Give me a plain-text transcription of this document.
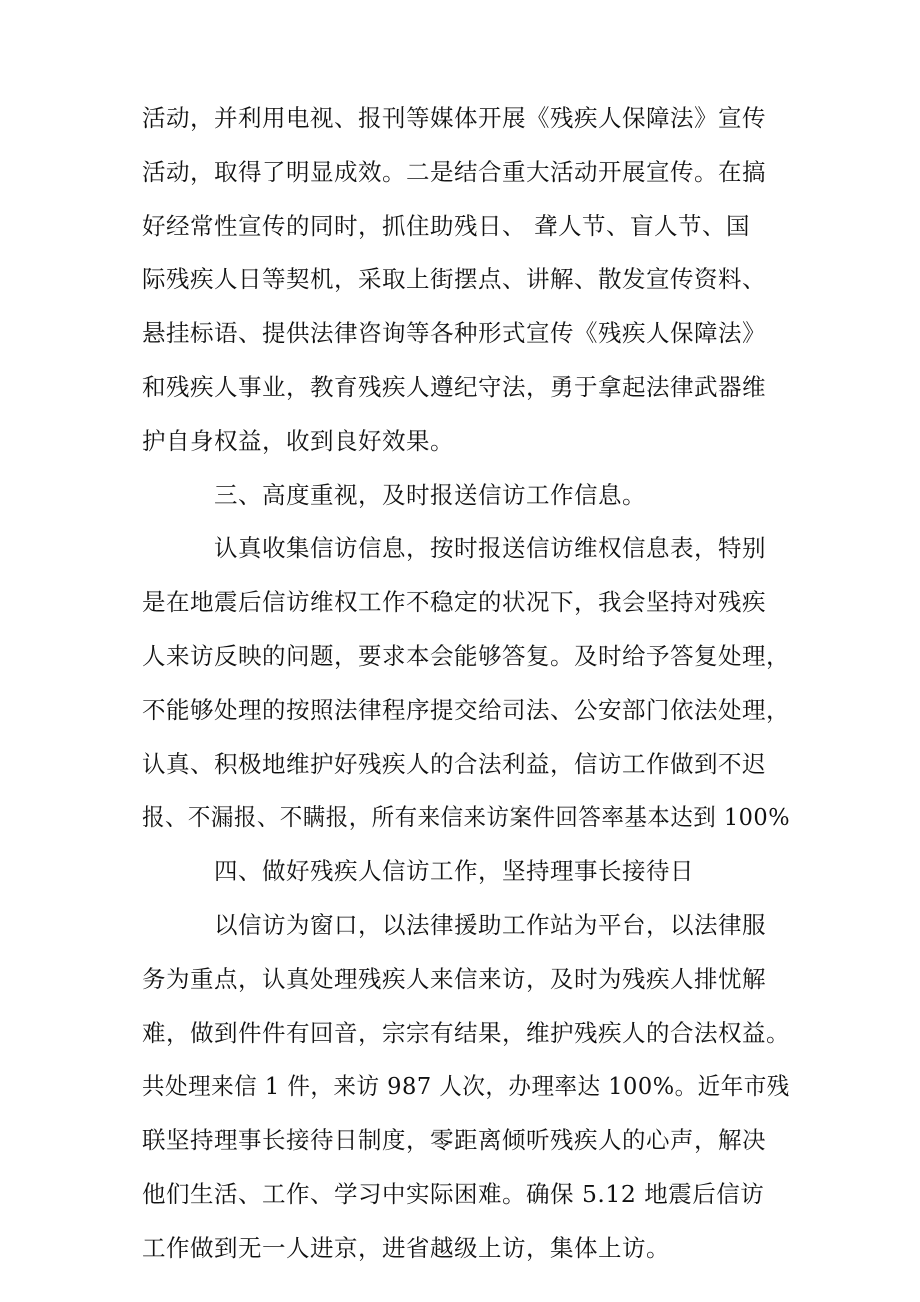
活动，并利用电视、报刊等媒体开展《残疾人保障法》宣传
活动，取得了明显成效。二是结合重大活动开展宣传。在搞
好经常性宣传的同时，抓住助残日、 聋人节、盲人节、国
际残疾人日等契机，采取上街摆点、讲解、散发宣传资料、
悬挂标语、提供法律咨询等各种形式宣传《残疾人保障法》
和残疾人事业，教育残疾人遵纪守法，勇于拿起法律武器维
护自身权益，收到良好效果。
三、高度重视，及时报送信访工作信息。
认真收集信访信息，按时报送信访维权信息表，特别
是在地震后信访维权工作不稳定的状况下，我会坚持对残疾
人来访反映的问题，要求本会能够答复。及时给予答复处理，
不能够处理的按照法律程序提交给司法、公安部门依法处理，
认真、积极地维护好残疾人的合法利益，信访工作做到不迟
报、不漏报、不瞒报，所有来信来访案件回答率基本达到 100%
四、做好残疾人信访工作，坚持理事长接待日
以信访为窗口，以法律援助工作站为平台，以法律服
务为重点，认真处理残疾人来信来访，及时为残疾人排忧解
难，做到件件有回音，宗宗有结果，维护残疾人的合法权益。
共处理来信 1 件，来访 987 人次，办理率达 100%。近年市残
联坚持理事长接待日制度，零距离倾听残疾人的心声，解决
他们生活、工作、学习中实际困难。确保 5.12 地震后信访
工作做到无一人进京，进省越级上访，集体上访。
